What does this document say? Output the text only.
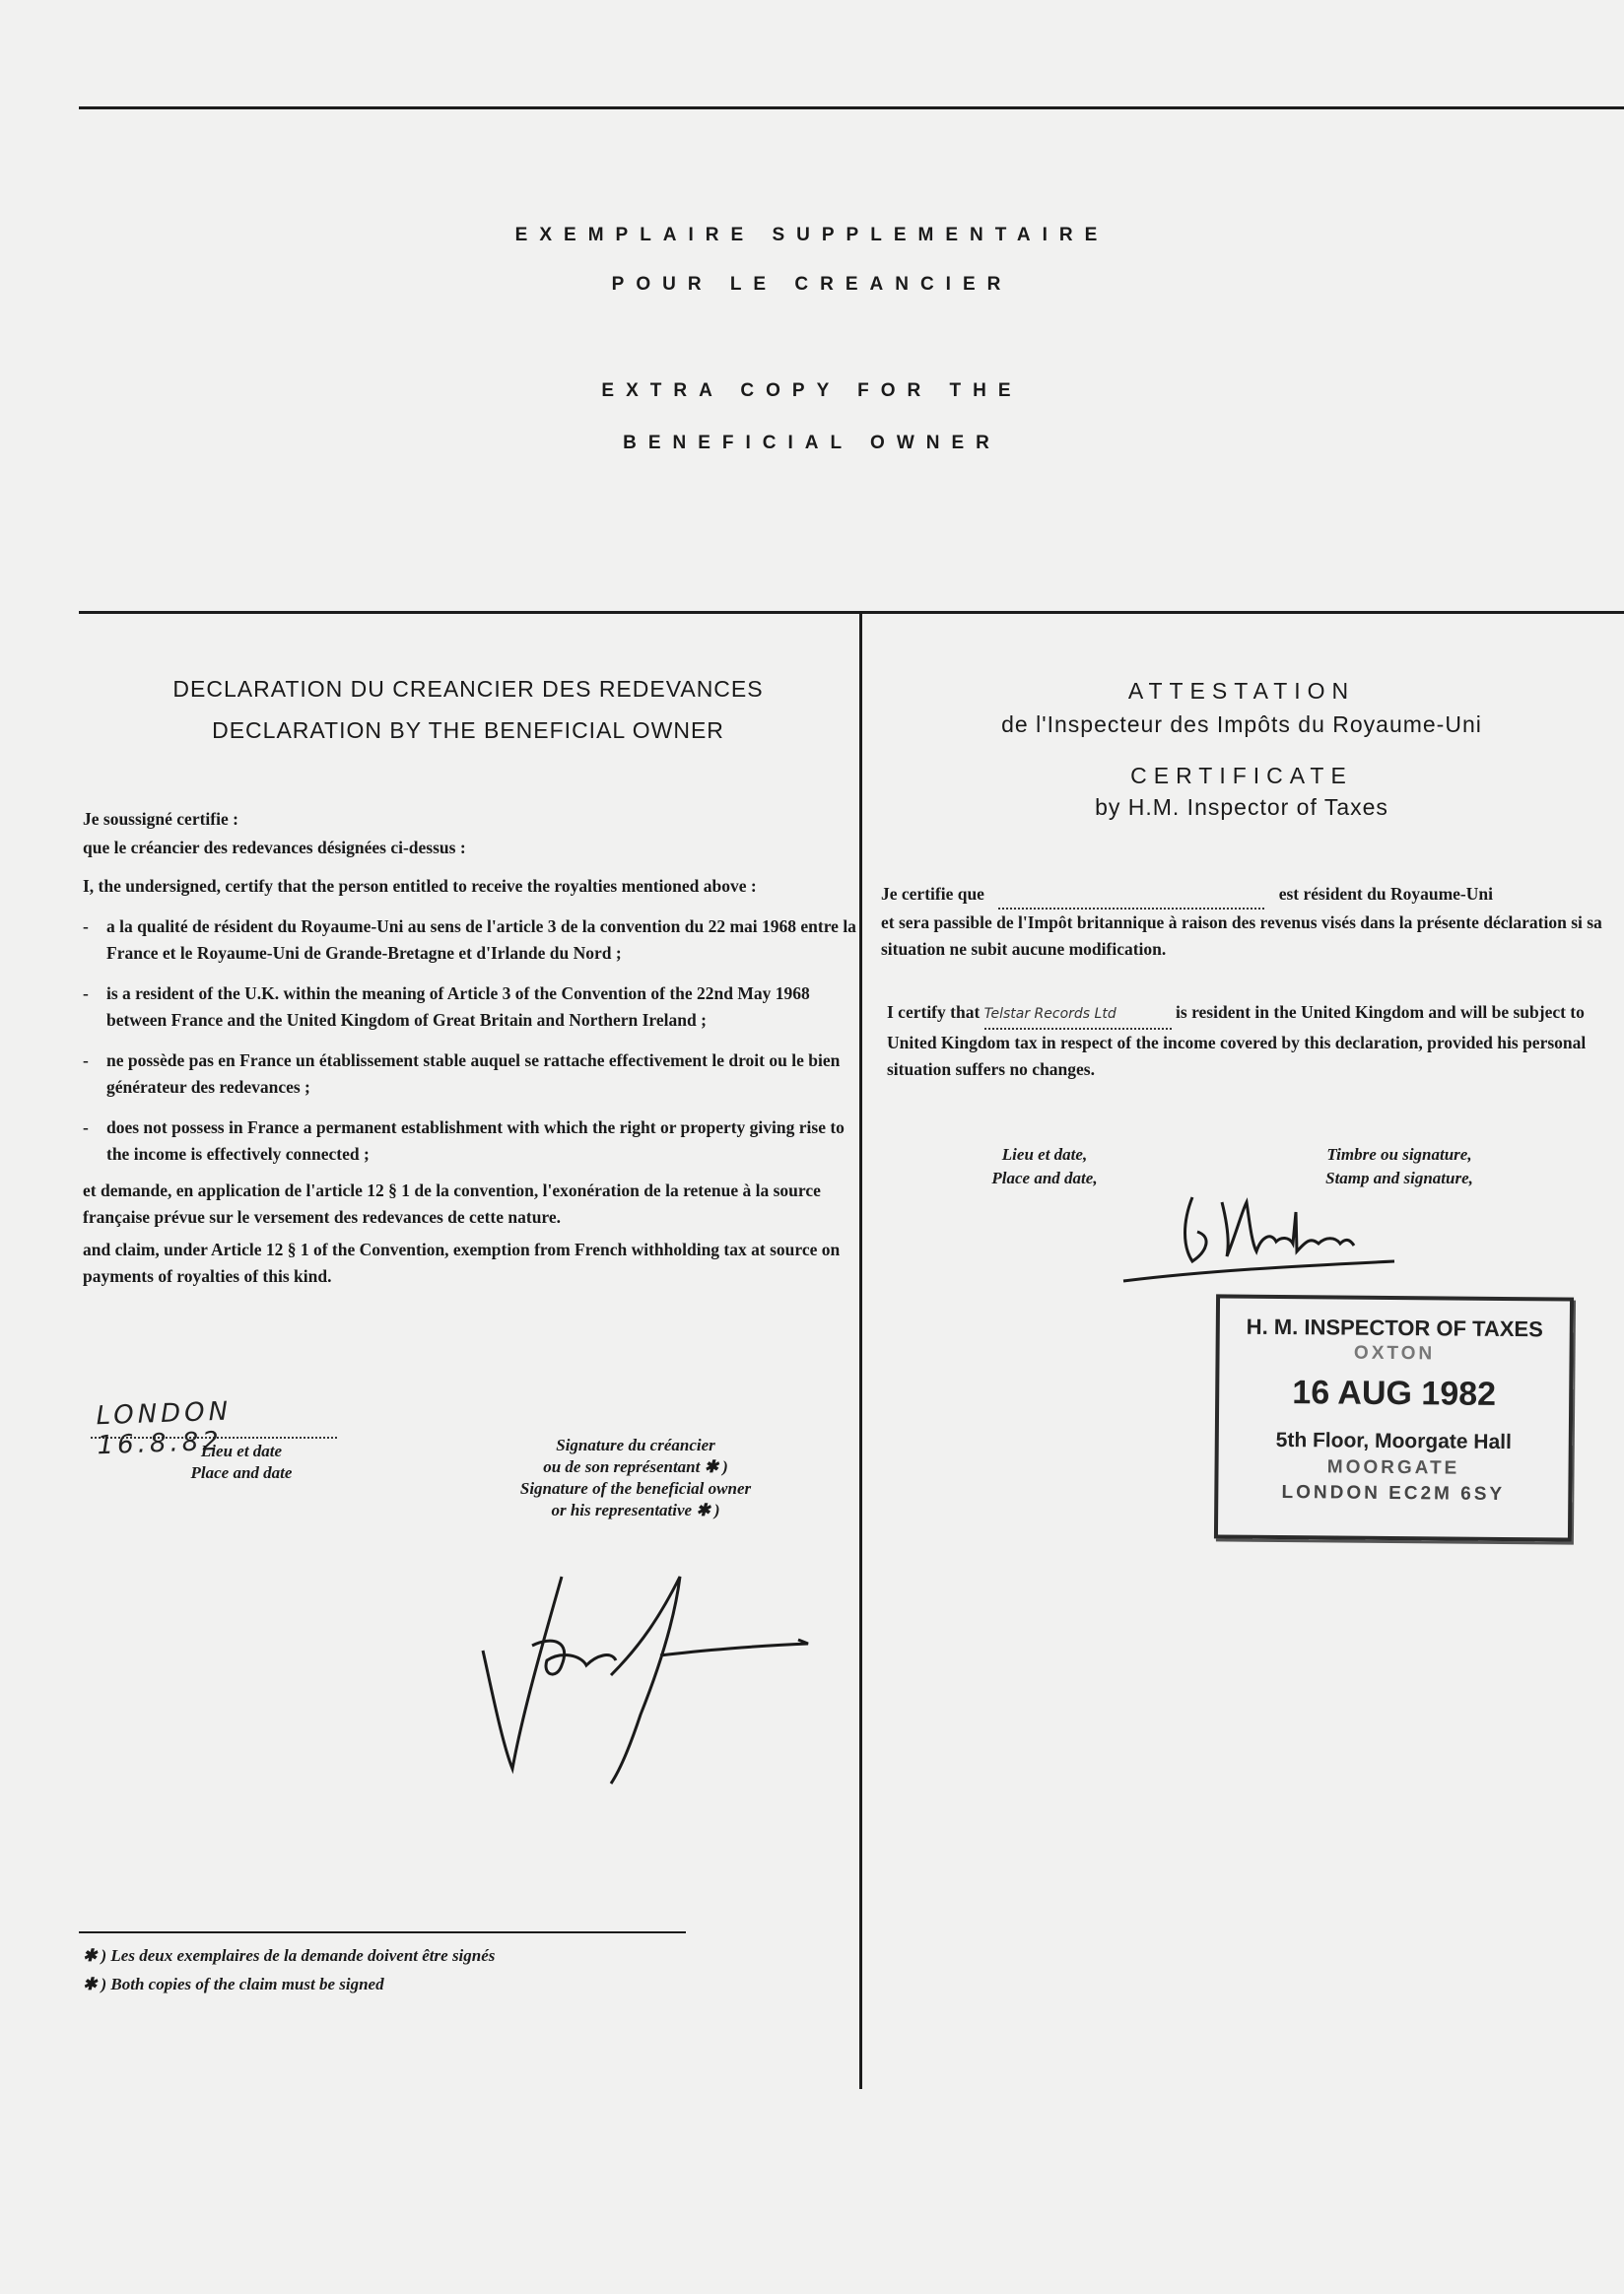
EXEMPLAIRE SUPPLEMENTAIRE
POUR LE CREANCIER
EXTRA COPY FOR THE
BENEFICIAL OWNER
DECLARATION DU CREANCIER DES REDEVANCES
DECLARATION BY THE BENEFICIAL OWNER

Je soussigné certifie :

que le créancier des redevances désignées ci-dessus :

I, the undersigned, certify that the person entitled to receive the royalties mentioned above :

-	a la qualité de résident du Royaume-Uni au sens de l'article 3 de la convention du 22 mai 1968 entre la France et le Royaume-Uni de Grande-Bretagne et d'Irlande du Nord ;
-	is a resident of the U.K. within the meaning of Article 3 of the Convention of the 22nd May 1968 between France and the United Kingdom of Great Britain and Northern Ireland ;
-	ne possède pas en France un établissement stable auquel se rattache effectivement le droit ou le bien générateur des redevances ;
-	does not possess in France a permanent establishment with which the right or property giving rise to the income is effectively connected ;

et demande, en application de l'article 12 § 1 de la convention, l'exonération de la retenue à la source française prévue sur le versement des redevances de cette nature.

and claim, under Article 12 § 1 of the Convention, exemption from French withholding tax at source on payments of royalties of this kind.

LONDON 16.8.82
Lieu et date
Place and date
Signature du créancier
ou de son représentant ✱ )
Signature of the beneficial owner
or his representative ✱ )
✱ ) Les deux exemplaires de la demande doivent être signés
✱ ) Both copies of the claim must be signed
ATTESTATION
de l'Inspecteur des Impôts du Royaume-Uni
CERTIFICATE
by H.M. Inspector of Taxes
Je certifie que	est résident du Royaume-Uni
et sera passible de l'Impôt britannique à raison des revenus visés dans la présente déclaration si sa situation ne subit aucune modification.
I certify that Telstar Records Ltd	is resident in the United Kingdom and will be subject to United Kingdom tax in respect of the income covered by this declaration, provided his personal situation suffers no changes.
Lieu et date,
Place and date,
Timbre ou signature,
Stamp and signature,
H. M. INSPECTOR OF TAXES
OXTON
16 AUG 1982
5th Floor, Moorgate Hall
MOORGATE
LONDON EC2M 6SY
